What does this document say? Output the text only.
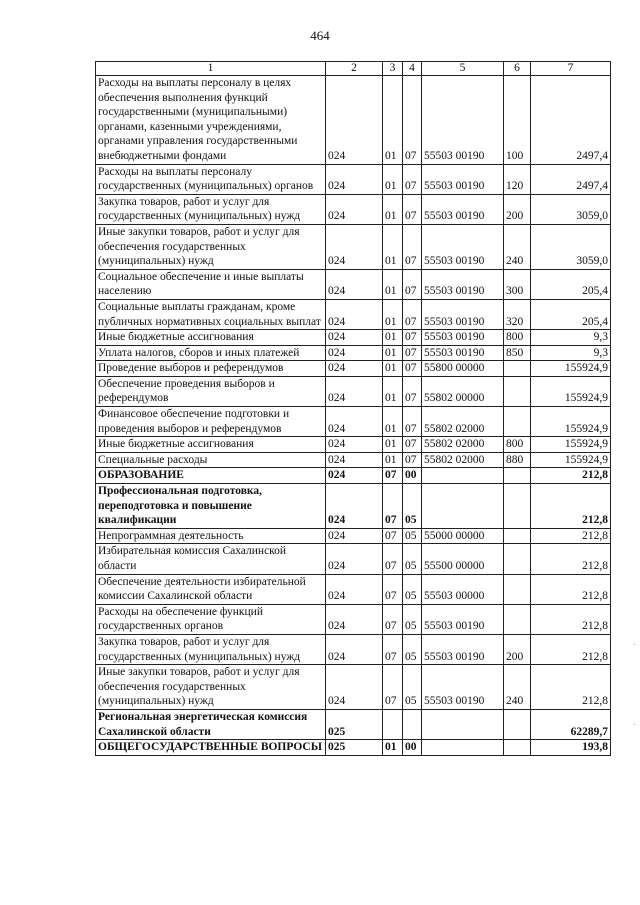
464
1	2	3	4	5	6	7
Расходы на выплаты персоналу в целях обеспечения выполнения функций государственными (муниципальными) органами, казенными учреждениями, органами управления государственными внебюджетными фондами	024	01	07	55503 00190	100	2497,4
Расходы на выплаты персоналу государственных (муниципальных) органов	024	01	07	55503 00190	120	2497,4
Закупка товаров, работ и услуг для государственных (муниципальных) нужд	024	01	07	55503 00190	200	3059,0
Иные закупки товаров, работ и услуг для обеспечения государственных (муниципальных) нужд	024	01	07	55503 00190	240	3059,0
Социальное обеспечение и иные выплаты населению	024	01	07	55503 00190	300	205,4
Социальные выплаты гражданам, кроме публичных нормативных социальных выплат	024	01	07	55503 00190	320	205,4
Иные бюджетные ассигнования	024	01	07	55503 00190	800	9,3
Уплата налогов, сборов и иных платежей	024	01	07	55503 00190	850	9,3
Проведение выборов и референдумов	024	01	07	55800 00000		155924,9
Обеспечение проведения выборов и референдумов	024	01	07	55802 00000		155924,9
Финансовое обеспечение подготовки и проведения выборов и референдумов	024	01	07	55802 02000		155924,9
Иные бюджетные ассигнования	024	01	07	55802 02000	800	155924,9
Специальные расходы	024	01	07	55802 02000	880	155924,9
ОБРАЗОВАНИЕ	024	07	00			212,8
Профессиональная подготовка, переподготовка и повышение квалификации	024	07	05			212,8
Непрограммная деятельность	024	07	05	55000 00000		212,8
Избирательная комиссия Сахалинской области	024	07	05	55500 00000		212,8
Обеспечение деятельности избирательной комиссии Сахалинской области	024	07	05	55503 00000		212,8
Расходы на обеспечение функций государственных органов	024	07	05	55503 00190		212,8
Закупка товаров, работ и услуг для государственных (муниципальных) нужд	024	07	05	55503 00190	200	212,8
Иные закупки товаров, работ и услуг для обеспечения государственных (муниципальных) нужд	024	07	05	55503 00190	240	212,8
Региональная энергетическая комиссия Сахалинской области	025					62289,7
ОБЩЕГОСУДАРСТВЕННЫЕ ВОПРОСЫ	025	01	00			193,8
·
·
